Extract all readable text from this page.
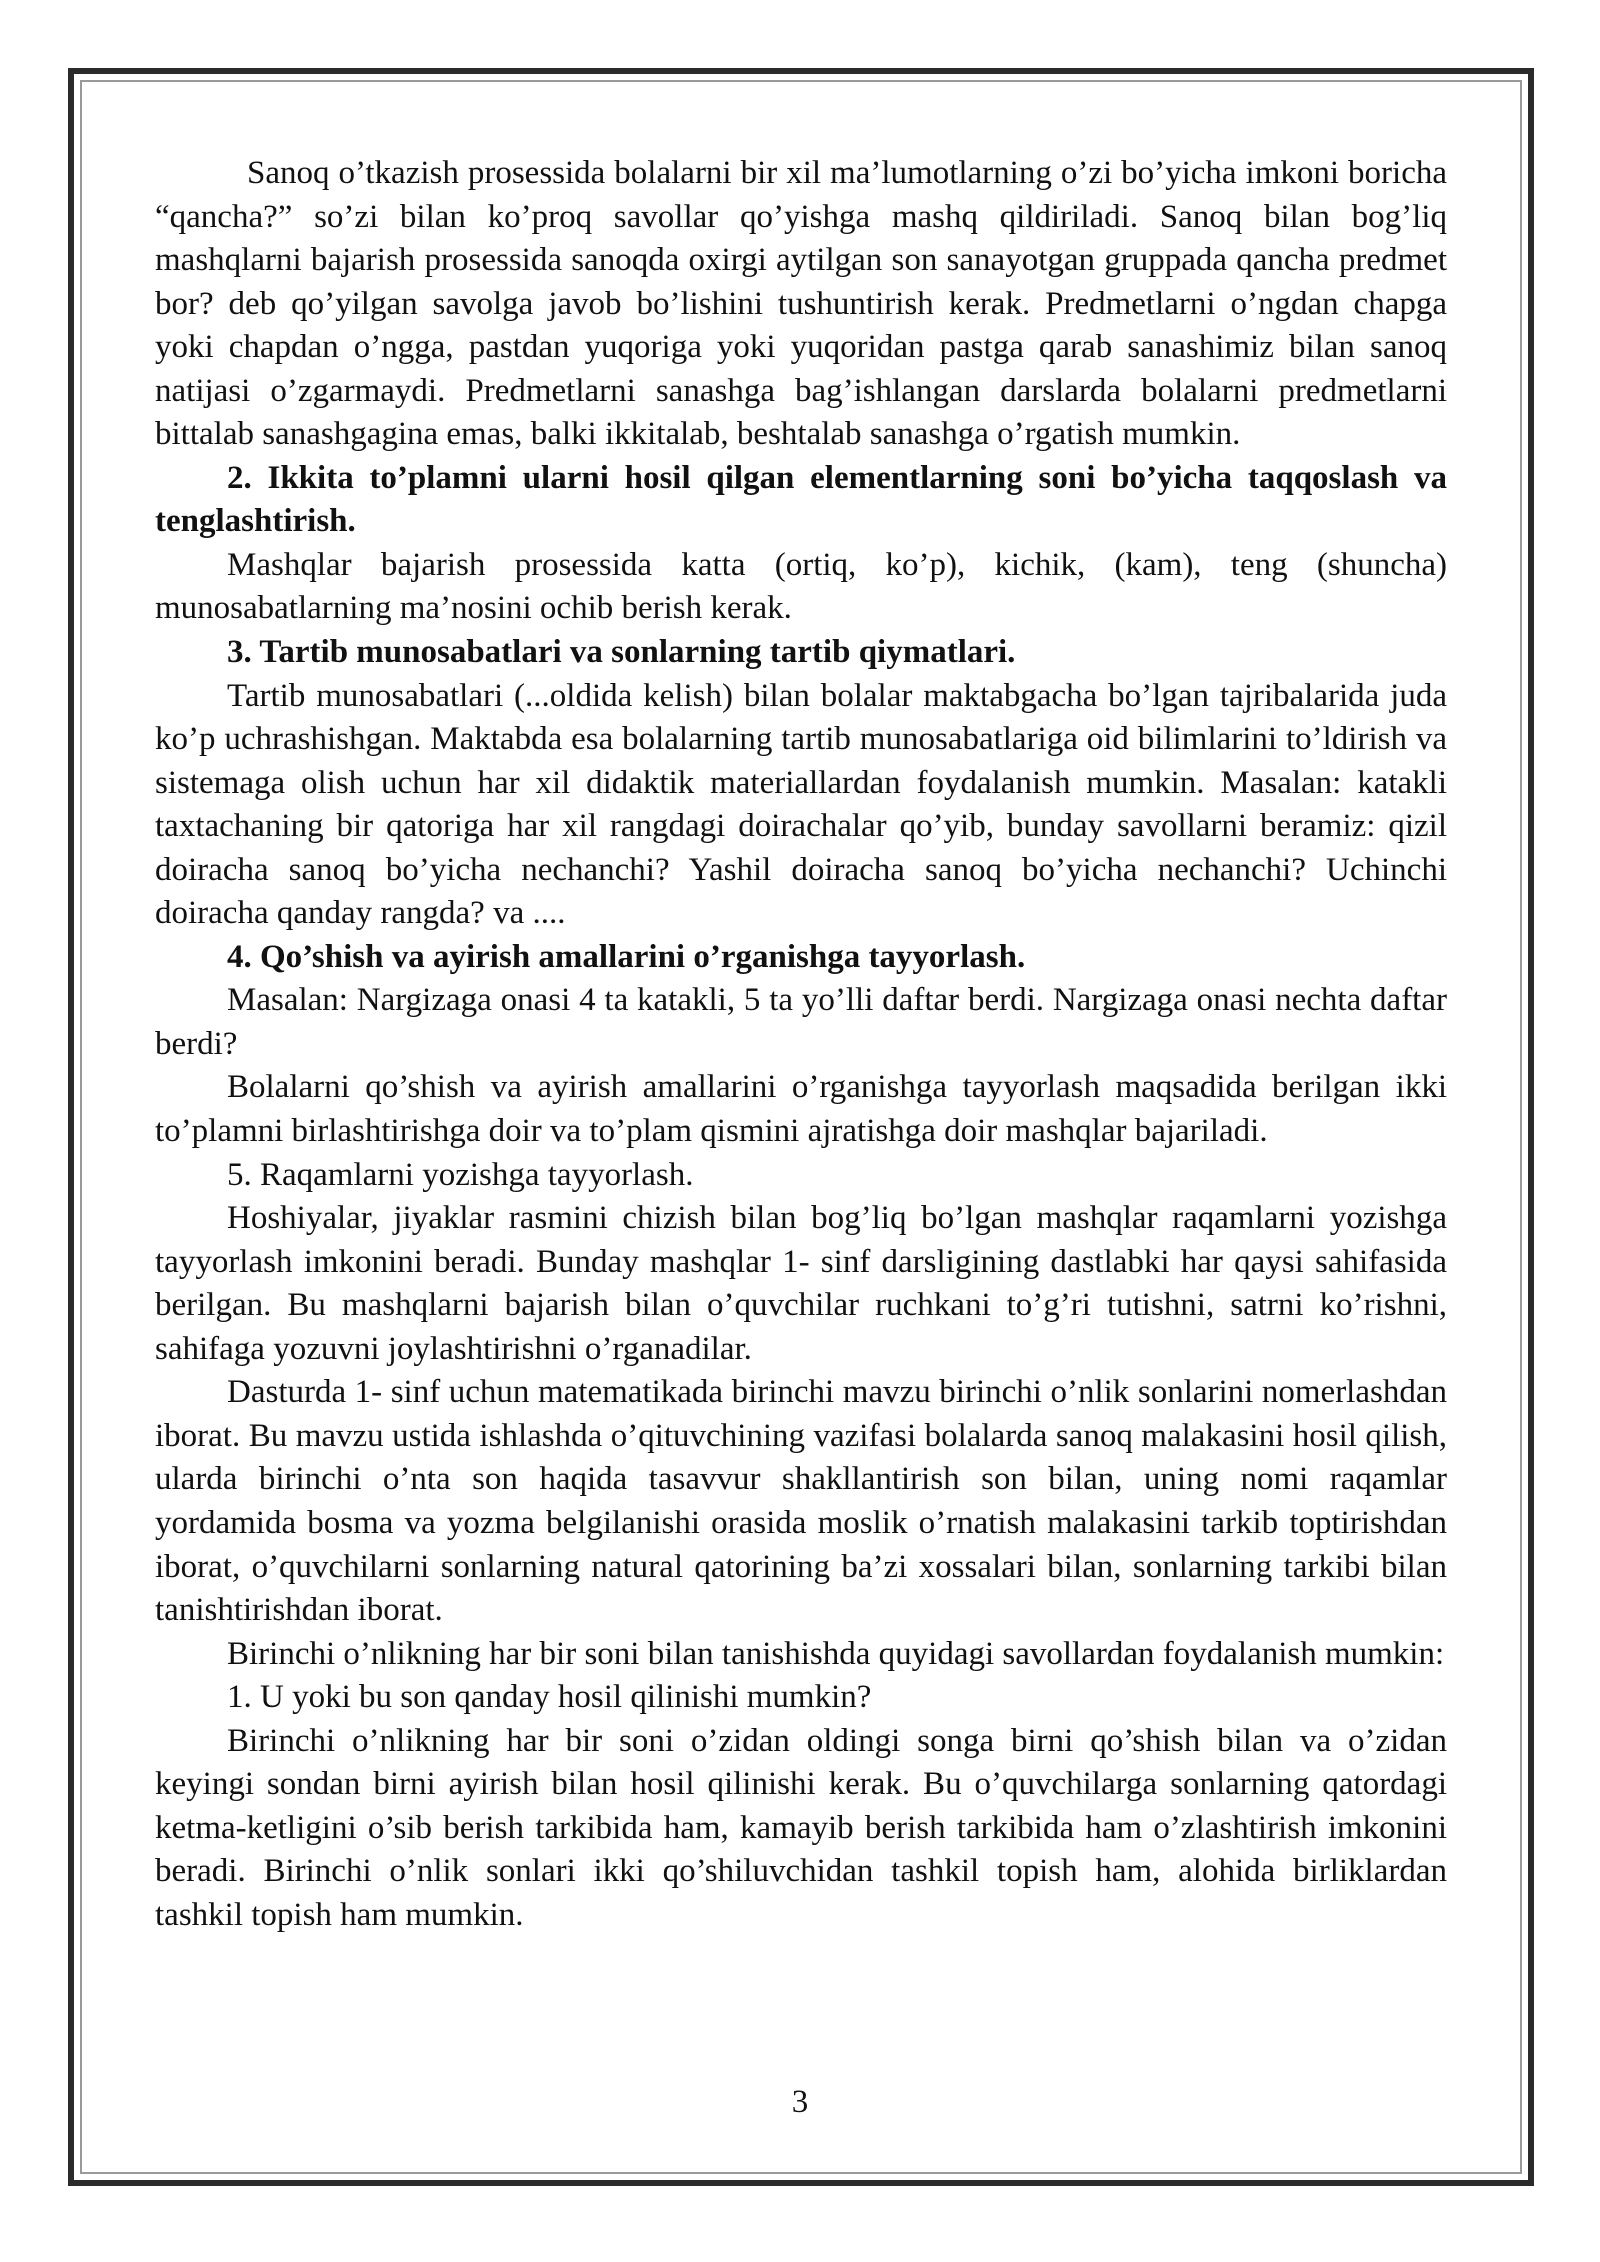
Sanoq o’tkazish prosessida bolalarni bir xil ma’lumotlarning o’zi bo’yicha imkoni boricha “qancha?” so’zi bilan ko’proq savollar qo’yishga mashq qildiriladi. Sanoq bilan bog’liq mashqlarni bajarish prosessida sanoqda oxirgi aytilgan son sanayotgan gruppada qancha predmet bor? deb qo’yilgan savolga javob bo’lishini tushuntirish kerak. Predmetlarni o’ngdan chapga yoki chapdan o’ngga, pastdan yuqoriga yoki yuqoridan pastga qarab sanashimiz bilan sanoq natijasi o’zgarmaydi. Predmetlarni sanashga bag’ishlangan darslarda bolalarni predmetlarni bittalab sanashgagina emas, balki ikkitalab, beshtalab sanashga o’rgatish mumkin.

2. Ikkita to’plamni ularni hosil qilgan elementlarning soni bo’yicha taqqoslash va tenglashtirish.

Mashqlar bajarish prosessida katta (ortiq, ko’p), kichik, (kam), teng (shuncha) munosabatlarning ma’nosini ochib berish kerak.

3. Tartib munosabatlari va sonlarning tartib qiymatlari.

Tartib munosabatlari (...oldida kelish) bilan bolalar maktabgacha bo’lgan tajribalarida juda ko’p uchrashishgan. Maktabda esa bolalarning tartib munosabatlariga oid bilimlarini to’ldirish va sistemaga olish uchun har xil didaktik materiallardan foydalanish mumkin. Masalan: katakli taxtachaning bir qatoriga har xil rangdagi doirachalar qo’yib, bunday savollarni beramiz: qizil doiracha sanoq bo’yicha nechanchi? Yashil doiracha sanoq bo’yicha nechanchi? Uchinchi doiracha qanday rangda? va ....

4. Qo’shish va ayirish amallarini o’rganishga tayyorlash.

Masalan: Nargizaga onasi 4 ta katakli, 5 ta yo’lli daftar berdi. Nargizaga onasi nechta daftar berdi?

Bolalarni qo’shish va ayirish amallarini o’rganishga tayyorlash maqsadida berilgan ikki to’plamni birlashtirishga doir va to’plam qismini ajratishga doir mashqlar bajariladi.

5. Raqamlarni yozishga tayyorlash.

Hoshiyalar, jiyaklar rasmini chizish bilan bog’liq bo’lgan mashqlar raqamlarni yozishga tayyorlash imkonini beradi. Bunday mashqlar 1- sinf darsligining dastlabki har qaysi sahifasida berilgan. Bu mashqlarni bajarish bilan o’quvchilar ruchkani to’g’ri tutishni, satrni ko’rishni, sahifaga yozuvni joylashtirishni o’rganadilar.

Dasturda 1- sinf uchun matematikada birinchi mavzu birinchi o’nlik sonlarini nomerlashdan iborat. Bu mavzu ustida ishlashda o’qituvchining vazifasi bolalarda sanoq malakasini hosil qilish, ularda birinchi o’nta son haqida tasavvur shakllantirish son bilan, uning nomi raqamlar yordamida bosma va yozma belgilanishi orasida moslik o’rnatish malakasini tarkib toptirishdan iborat, o’quvchilarni sonlarning natural qatorining ba’zi xossalari bilan, sonlarning tarkibi bilan tanishtirishdan iborat.

Birinchi o’nlikning har bir soni bilan tanishishda quyidagi savollardan foydalanish mumkin:

1. U yoki bu son qanday hosil qilinishi mumkin?

Birinchi o’nlikning har bir soni o’zidan oldingi songa birni qo’shish bilan va o’zidan keyingi sondan birni ayirish bilan hosil qilinishi kerak. Bu o’quvchilarga sonlarning qatordagi ketma-ketligini o’sib berish tarkibida ham, kamayib berish tarkibida ham o’zlashtirish imkonini beradi. Birinchi o’nlik sonlari ikki qo’shiluvchidan tashkil topish ham, alohida birliklardan tashkil topish ham mumkin.

3
